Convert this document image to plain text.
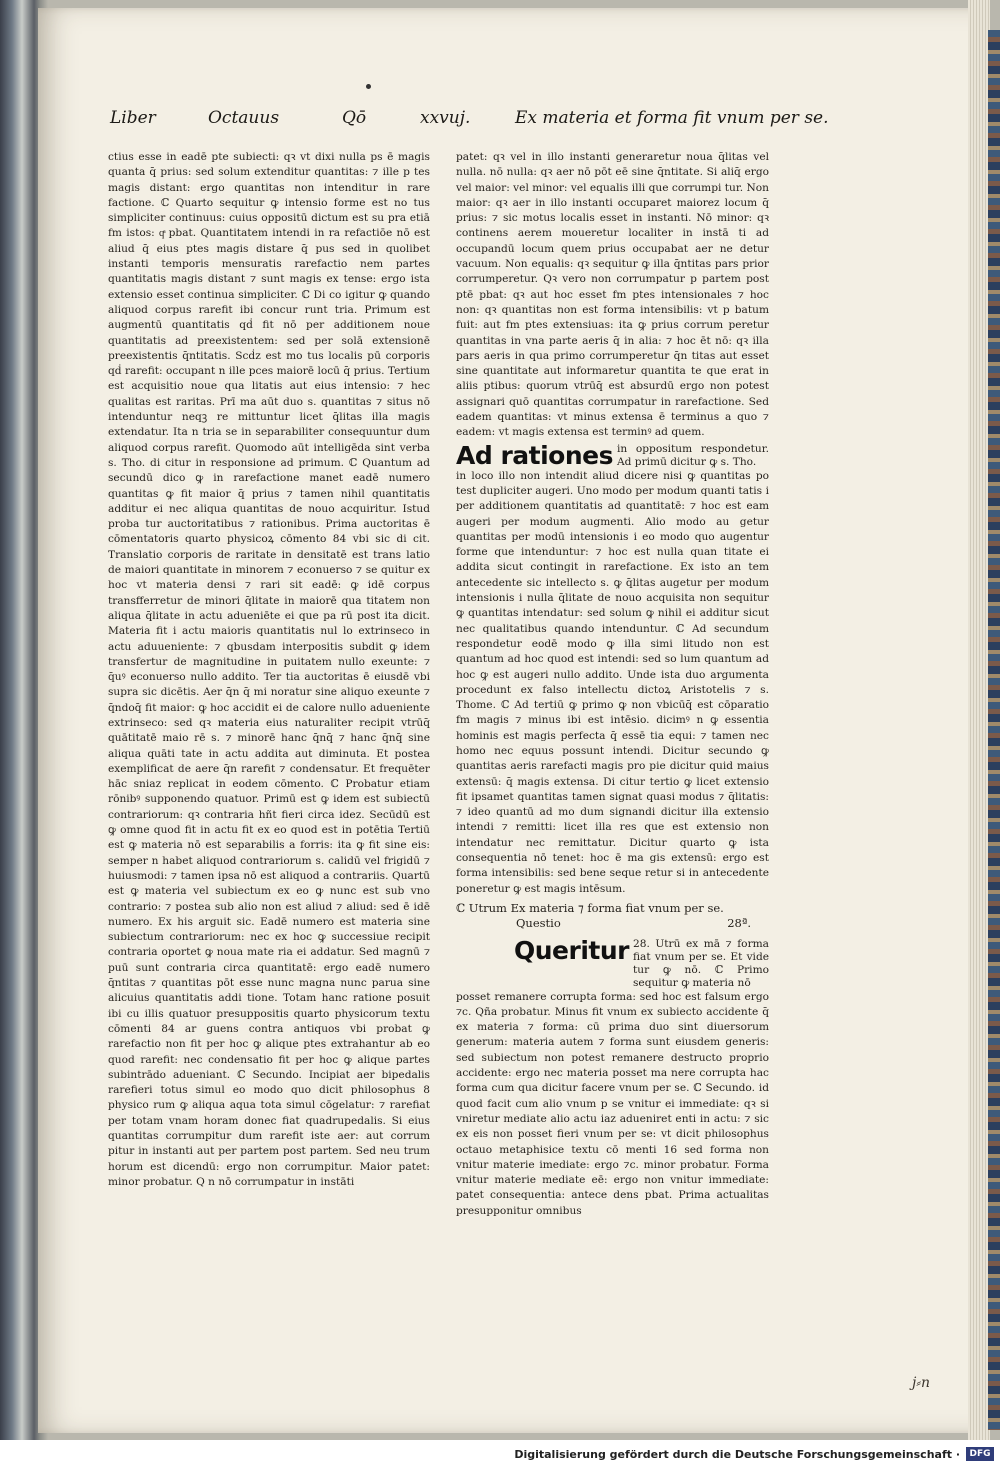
Liber	Octauus	Qō	xxvuj.	Ex materia et forma fit vnum per se.

ctius esse in eadē pte subiecti: qꝛ vt dixi nulla ps ē magis quanta q̄ prius: sed solum extenditur quantitas: ⁊ ille p tes magis distant: ergo quantitas non intenditur in rare factione. ℂ Quarto sequitur ꝙ intensio forme est no tus simpliciter continuus: cuius oppositū dictum est su pra etiā fm istos: qͣ pbat. Quantitatem intendi in ra refactiōe nō est aliud q̄ eius ptes magis distare q̄ pus sed in quolibet instanti temporis mensuratis rarefactio nem partes quantitatis magis distant ⁊ sunt magis ex tense: ergo ista extensio esset continua simpliciter. ℂ Di co igitur ꝙ quando aliquod corpus rarefit ibi concur runt tria. Primum est augmentū quantitatis qḋ fit nō per additionem noue quantitatis ad preexistentem: sed per solā extensionē preexistentis q̄ntitatis. Scḋz est mo tus localis pū corporis qḋ rarefit: occupant n ille pces maiorē locū q̄ prius. Tertium est acquisitio noue qua litatis aut eius intensio: ⁊ hec qualitas est raritas. Prī ma aūt duo s. quantitas ⁊ situs nō intenduntur neqꝫ re mittuntur licet q̄litas illa magis extendatur. Ita n tria se in separabiliter consequuntur dum aliquod corpus rarefit. Quomodo aūt intelligēda sint verba s. Tho. di citur in responsione ad primum. ℂ Quantum ad secundū dico ꝙ in rarefactione manet eadē numero quantitas ꝙ fit maior q̄ prius ⁊ tamen nihil quantitatis additur ei nec aliqua quantitas de nouo acquiritur. Istud proba tur auctoritatibus ⁊ rationibus. Prima auctoritas ē cōmentatoris quarto physicoꝝ cōmento 84 vbi sic di cit. Translatio corporis de raritate in densitatē est trans latio de maiori quantitate in minorem ⁊ econuerso ⁊ se quitur ex hoc vt materia densi ⁊ rari sit eadē: ꝙ idē corpus transfferretur de minori q̄litate in maiorē qua titatem non aliqua q̄litate in actu adueniēte ei que pa rū post ita dicit. Materia fit i actu maioris quantitatis nul lo extrinseco in actu aduueniente: ⁊ qbusdam interpositis subdit ꝙ idem transfertur de magnitudine in puitatem nullo exeunte: ⁊ q̄uꝰ econuerso nullo addito. Ter tia auctoritas ē eiusdē vbi supra sic dicētis. Aer q̄n q̄ mi noratur sine aliquo exeunte ⁊ q̄ndoq̄ fit maior: ꝙ hoc accidit ei de calore nullo adueniente extrinseco: sed qꝛ materia eius naturaliter recipit vtrūq̄ quātitatē maio rē s. ⁊ minorē hanc q̄nq̄ ⁊ hanc q̄nq̄ sine aliqua quāti tate in actu addita aut diminuta. Et postea exemplificat de aere q̄n rarefit ⁊ condensatur. Et frequēter hāc sniaz replicat in eodem cōmento. ℂ Probatur etiam rōnibꝰ supponendo quatuor. Primū est ꝙ idem est subiectū contrariorum: qꝛ contraria hñt fieri circa idez. Secūdū est ꝙ omne quod fit in actu fit ex eo quod est in potētia Tertiū est ꝙ materia nō est separabilis a forris: ita ꝙ fit sine eis: semper n habet aliquod contrariorum s. calidū vel frigidū ⁊ huiusmodi: ⁊ tamen ipsa nō est aliquod a contrariis. Quartū est ꝙ materia vel subiectum ex eo ꝙ nunc est sub vno contrario: ⁊ postea sub alio non est aliud ⁊ aliud: sed ē idē numero. Ex his arguit sic. Eadē numero est materia sine subiectum contrariorum: nec ex hoc ꝙ successiue recipit contraria oportet ꝙ noua mate ria ei addatur. Sed magnū ⁊ puū sunt contraria circa quantitatē: ergo eadē numero q̄ntitas ⁊ quantitas pōt esse nunc magna nunc parua sine alicuius quantitatis addi tione. Totam hanc ratione posuit ibi cu illis quatuor presuppositis quarto physicorum textu cōmenti 84 ar guens contra antiquos vbi probat ꝙ rarefactio non fit per hoc ꝙ alique ptes extrahantur ab eo quod rarefit: nec condensatio fit per hoc ꝙ alique partes subintrādo adueniant. ℂ Secundo. Incipiat aer bipedalis rarefieri totus simul eo modo quo dicit philosophus 8 physico rum ꝙ aliqua aqua tota simul cōgelatur: ⁊ rarefiat per totam vnam horam donec fiat quadrupedalis. Si eius quantitas corrumpitur dum rarefit iste aer: aut corrum pitur in instanti aut per partem post partem. Sed neu trum horum est dicendū: ergo non corrumpitur. Maior patet: minor probatur. Q n nō corrumpatur in instāti

patet: qꝛ vel in illo instanti generaretur noua q̄litas vel nulla. nō nulla: qꝛ aer nō pōt eē sine q̄ntitate. Si aliq̄ ergo vel maior: vel minor: vel equalis illi que corrumpi tur. Non maior: qꝛ aer in illo instanti occuparet maiorez locum q̄ prius: ⁊ sic motus localis esset in instanti. Nō minor: qꝛ continens aerem moueretur localiter in instā ti ad occupandū locum quem prius occupabat aer ne detur vacuum. Non equalis: qꝛ sequitur ꝙ illa q̄ntitas pars prior corrumperetur. Qꝛ vero non corrumpatur p partem post ptē pbat: qꝛ aut hoc esset fm ptes intensionales ⁊ hoc non: qꝛ quantitas non est forma intensibilis: vt p batum fuit: aut fm ptes extensiuas: ita ꝙ prius corrum peretur quantitas in vna parte aeris q̄ in alia: ⁊ hoc ēt nō: qꝛ illa pars aeris in qua primo corrumperetur q̄n titas aut esset sine quantitate aut informaretur quantita te que erat in aliis ptibus: quorum vtrūq̄ est absurdū ergo non potest assignari quō quantitas corrumpatur in rarefactione. Sed eadem quantitas: vt minus extensa ē terminus a quo ⁊ eadem: vt magis extensa est terminꝰ ad quem.

Ad rationes in oppositum respondetur. Ad primū dicitur ꝙ s. Tho.

in loco illo non intendit aliud dicere nisi ꝙ quantitas po test dupliciter augeri. Uno modo per modum quanti tatis i per additionem quantitatis ad quantitatē: ⁊ hoc est eam augeri per modum augmenti. Alio modo au getur quantitas per modū intensionis i eo modo quo augentur forme que intenduntur: ⁊ hoc est nulla quan titate ei addita sicut contingit in rarefactione. Ex isto an tem antecedente sic intellecto s. ꝙ q̄litas augetur per modum intensionis i nulla q̄litate de nouo acquisita non sequitur ꝙ quantitas intendatur: sed solum ꝙ nihil ei additur sicut nec qualitatibus quando intenduntur. ℂ Ad secundum respondetur eodē modo ꝙ illa simi litudo non est quantum ad hoc quod est intendi: sed so lum quantum ad hoc ꝙ est augeri nullo addito. Unde ista duo argumenta procedunt ex falso intellectu dictoꝝ Aristotelis ⁊ s. Thome. ℂ Ad tertiū ꝙ primo ꝙ non vbicūq̄ est cōparatio fm magis ⁊ minus ibi est intēsio. dicimꝰ n ꝙ essentia hominis est magis perfecta q̄ essē tia equi: ⁊ tamen nec homo nec equus possunt intendi. Dicitur secundo ꝙ quantitas aeris rarefacti magis pro pie dicitur quid maius extensū: q̄ magis extensa. Di citur tertio ꝙ licet extensio fit ipsamet quantitas tamen signat quasi modus ⁊ q̄litatis: ⁊ ideo quantū ad mo dum signandi dicitur illa extensio intendi ⁊ remitti: licet illa res que est extensio non intendatur nec remittatur. Dicitur quarto ꝙ ista consequentia nō tenet: hoc ē ma gis extensū: ergo est forma intensibilis: sed bene seque retur si in antecedente poneretur ꝙ est magis intēsum.

ℂ Utrum Ex materia ⁊ forma fiat vnum per se.
Questio	28ª.
Queritur 28. Utrū ex mā ⁊ forma fiat vnum per se. Et vide tur ꝙ nō. ℂ Primo sequitur ꝙ materia nō

posset remanere corrupta forma: sed hoc est falsum ergo ⁊c. Qña probatur. Minus fit vnum ex subiecto accidente q̄ ex materia ⁊ forma: cū prima duo sint diuersorum generum: materia autem ⁊ forma sunt eiusdem generis: sed subiectum non potest remanere destructo proprio accidente: ergo nec materia posset ma nere corrupta hac forma cum qua dicitur facere vnum per se. ℂ Secundo. id quod facit cum alio vnum p se vnitur ei immediate: qꝛ si vniretur mediate alio actu iaz adueniret enti in actu: ⁊ sic ex eis non posset fieri vnum per se: vt dicit philosophus octauo metaphisice textu cō menti 16 sed forma non vnitur materie imediate: ergo ⁊c. minor probatur. Forma vnitur materie mediate eē: ergo non vnitur immediate: patet consequentia: antece dens pbat. Prima actualitas presupponitur omnibus

j⸗n
Digitalisierung gefördert durch die Deutsche Forschungsgemeinschaft ·	DFG
